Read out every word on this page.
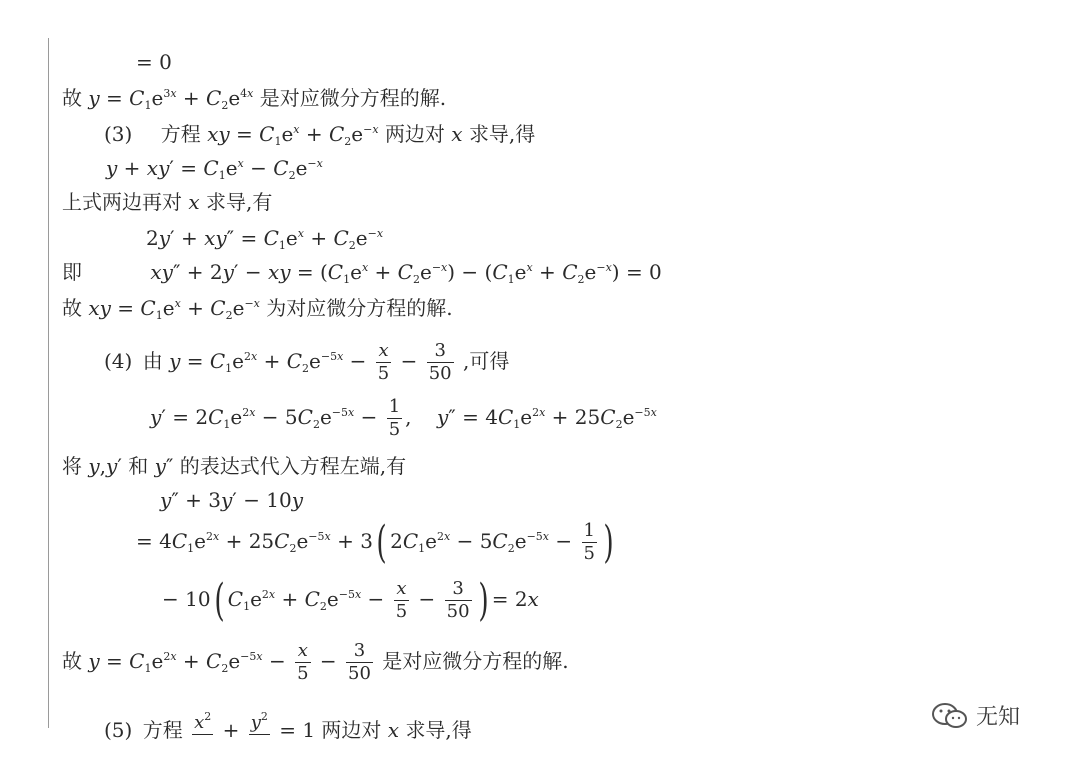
= 0
故 $y = C_1e^{3x} + C_2e^{4x}$ 是对应微分方程的解.
(3) 方程 xy = $C_1e^x + C_2e^{-x}$ 两边对 x 求导,得
$y + xy' = C_1e^x - C_2e^{-x}$
上式两边再对 x 求导,有
$2y' + xy'' = C_1e^x + C_2e^{-x}$
即	xy″ + 2y′ − xy = $(C_1e^x + C_2e^{-x}) - (C_1e^x + C_2e^{-x}) = 0$
故 xy = $C_1e^x + C_2e^{-x}$ 为对应微分方程的解.
(4) 由 $y = C_1e^{2x} + C_2e^{-5x} - \frac{x}{5} - \frac{3}{50}$ ,可得
$y' = 2C_1e^{2x} - 5C_2e^{-5x} - \frac{1}{5}$ ,    $y'' = 4C_1e^{2x} + 25C_2e^{-5x}$
将 y,y′ 和 y″ 的表达式代入方程左端,有
y″ + 3y′ − 10y
= $4C_1e^{2x} + 25C_2e^{-5x} + 3$( $2C_1e^{2x} - 5C_2e^{-5x} - \frac{1}{5}$ )
− 10( $C_1e^{2x} + C_2e^{-5x} - \frac{x}{5} - \frac{3}{50}$ ) = 2x
故 $y = C_1e^{2x} + C_2e^{-5x} - \frac{x}{5} - \frac{3}{50}$ 是对应微分方程的解.
(5) 方程 $x^2$

+ $y^2$

= 1 两边对 x 求导,得	无知
